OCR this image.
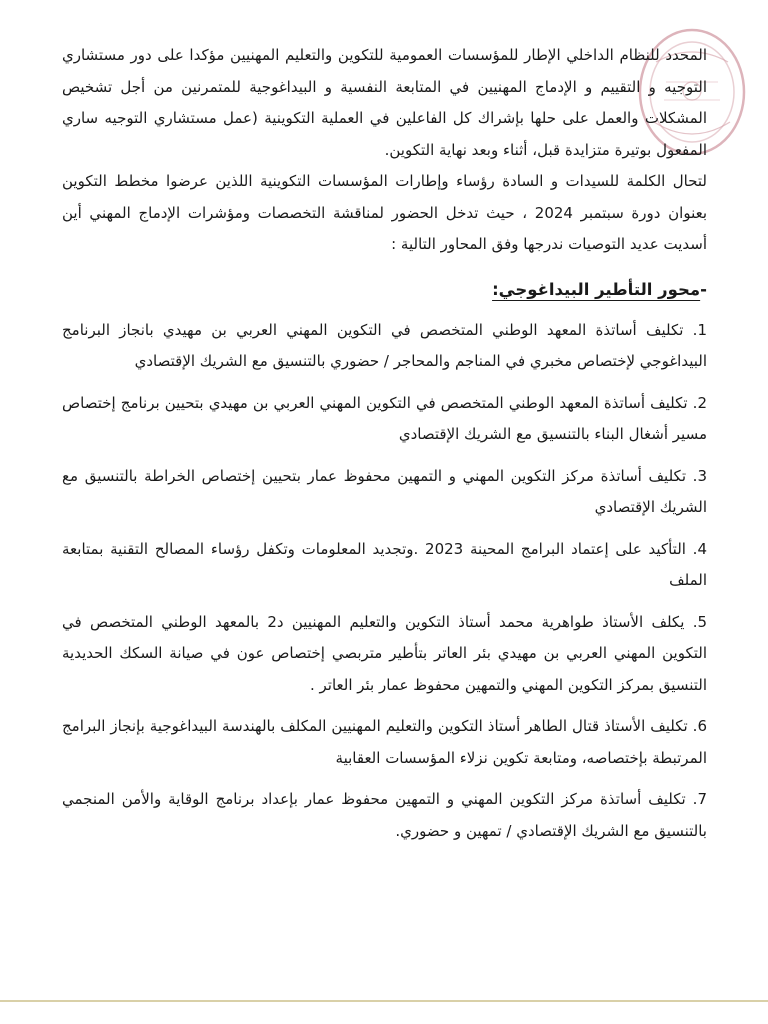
المحدد للنظام الداخلي الإطار للمؤسسات العمومية للتكوين والتعليم المهنيين مؤكدا على دور مستشاري التوجيه و التقييم و الإدماج المهنيين في المتابعة النفسية و البيداغوجية للمتمرنين من أجل تشخيص المشكلات والعمل على حلها بإشراك كل الفاعلين في العملية التكوينية (عمل مستشاري التوجيه ساري المفعول بوتيرة متزايدة قبل، أثناء وبعد نهاية التكوين.

لتحال الكلمة للسيدات و السادة رؤساء وإطارات المؤسسات التكوينية اللذين عرضوا مخطط التكوين بعنوان دورة سبتمبر 2024 ، حيث تدخل الحضور لمناقشة التخصصات ومؤشرات الإدماج المهني أين أسديت عديد التوصيات ندرجها وفق المحاور التالية :

-محور التأطير البيداغوجي:

1. تكليف أساتذة المعهد الوطني المتخصص في التكوين المهني العربي بن مهيدي بانجاز البرنامج البيداغوجي لإختصاص مخبري في المناجم والمحاجر / حضوري بالتنسيق مع الشريك الإقتصادي

2. تكليف أساتذة المعهد الوطني المتخصص في التكوين المهني العربي بن مهيدي بتحيين برنامج إختصاص مسير أشغال البناء بالتنسيق مع الشريك الإقتصادي

3. تكليف أساتذة مركز التكوين المهني و التمهين محفوظ عمار بتحيين إختصاص الخراطة بالتنسيق مع الشريك الإقتصادي

4. التأكيد على إعتماد البرامج المحينة 2023 .وتجديد المعلومات وتكفل رؤساء المصالح التقنية بمتابعة الملف

5. يكلف الأستاذ طواهرية محمد أستاذ التكوين والتعليم المهنيين د2 بالمعهد الوطني المتخصص في التكوين المهني العربي بن مهيدي بئر العاتر بتأطير متربصي إختصاص عون في صيانة السكك الحديدية التنسيق بمركز التكوين المهني والتمهين محفوظ عمار بئر العاتر .

6. تكليف الأستاذ قتال الطاهر أستاذ التكوين والتعليم المهنيين المكلف بالهندسة البيداغوجية بإنجاز البرامج المرتبطة بإختصاصه، ومتابعة تكوين نزلاء المؤسسات العقابية

7. تكليف أساتذة مركز التكوين المهني و التمهين محفوظ عمار بإعداد برنامج الوقاية والأمن المنجمي بالتنسيق مع الشريك الإقتصادي / تمهين و حضوري.
